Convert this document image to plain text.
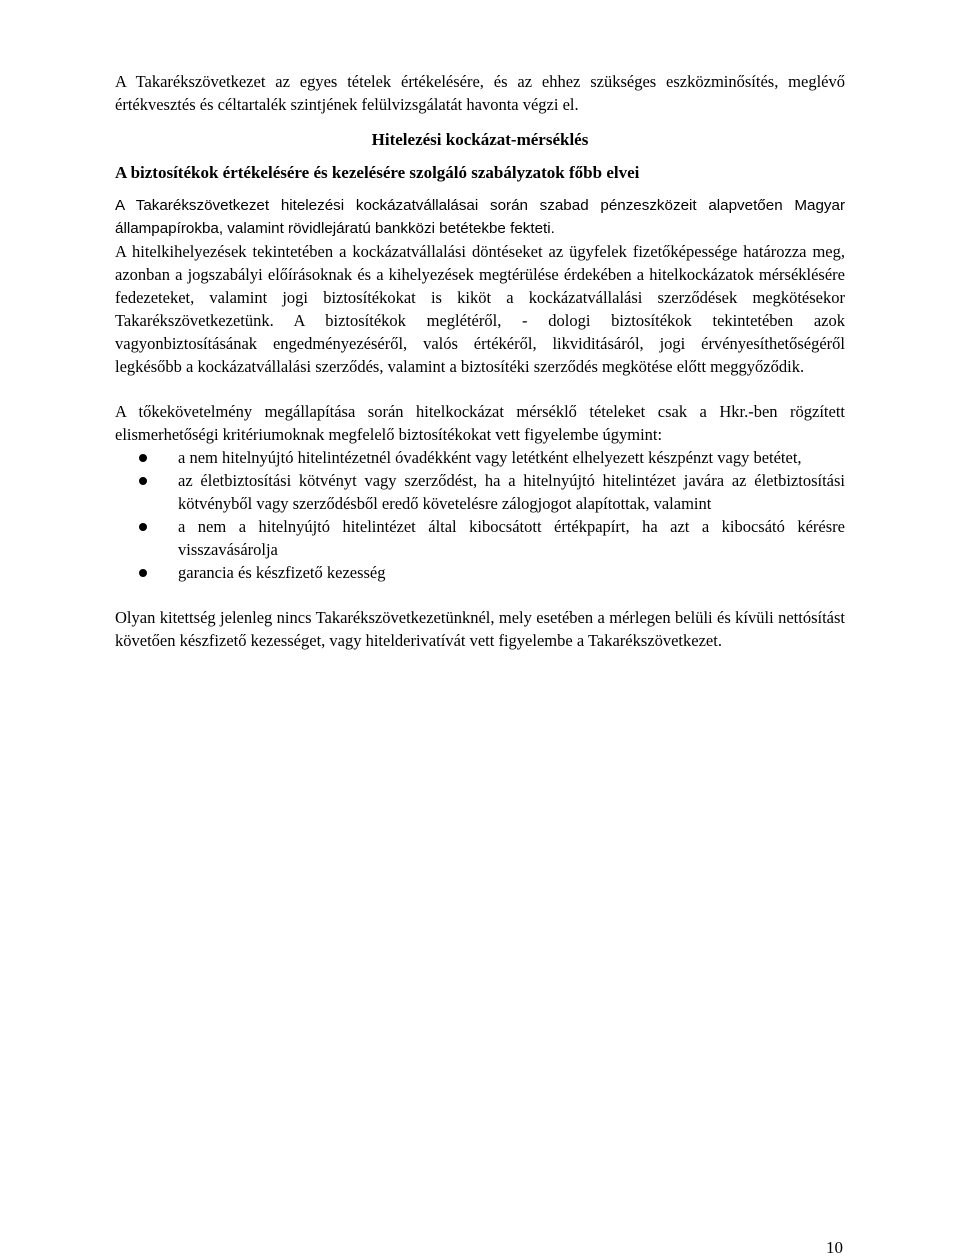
A Takarékszövetkezet az egyes tételek értékelésére, és az ehhez szükséges eszközminősítés, meglévő értékvesztés és céltartalék szintjének felülvizsgálatát havonta végzi el.

Hitelezési kockázat-mérséklés
A biztosítékok értékelésére és kezelésére szolgáló szabályzatok főbb elvei

A Takarékszövetkezet hitelezési kockázatvállalásai során szabad pénzeszközeit alapvetően Magyar állampapírokba, valamint rövidlejáratú bankközi betétekbe fekteti.

A hitelkihelyezések tekintetében a kockázatvállalási döntéseket az ügyfelek fizetőképessége határozza meg, azonban a jogszabályi előírásoknak és a kihelyezések megtérülése érdekében a hitelkockázatok mérséklésére fedezeteket, valamint jogi biztosítékokat is kiköt a kockázatvállalási szerződések megkötésekor Takarékszövetkezetünk. A biztosítékok meglétéről, - dologi biztosítékok tekintetében azok vagyonbiztosításának engedményezéséről, valós értékéről, likviditásáról, jogi érvényesíthetőségéről legkésőbb a kockázatvállalási szerződés, valamint a biztosítéki szerződés megkötése előtt meggyőződik.

A tőkekövetelmény megállapítása során hitelkockázat mérséklő tételeket csak a Hkr.-ben rögzített elismerhetőségi kritériumoknak megfelelő biztosítékokat vett figyelembe úgymint:

a nem hitelnyújtó hitelintézetnél óvadékként vagy letétként elhelyezett készpénzt vagy betétet,
az életbiztosítási kötvényt vagy szerződést, ha a hitelnyújtó hitelintézet javára az életbiztosítási kötvényből vagy szerződésből eredő követelésre zálogjogot alapítottak, valamint
a nem a hitelnyújtó hitelintézet által kibocsátott értékpapírt, ha azt a kibocsátó kérésre visszavásárolja
garancia és készfizető kezesség

Olyan kitettség jelenleg nincs Takarékszövetkezetünknél, mely esetében a mérlegen belüli és kívüli nettósítást követően készfizető kezességet, vagy hitelderivatívát vett figyelembe a Takarékszövetkezet.

10
